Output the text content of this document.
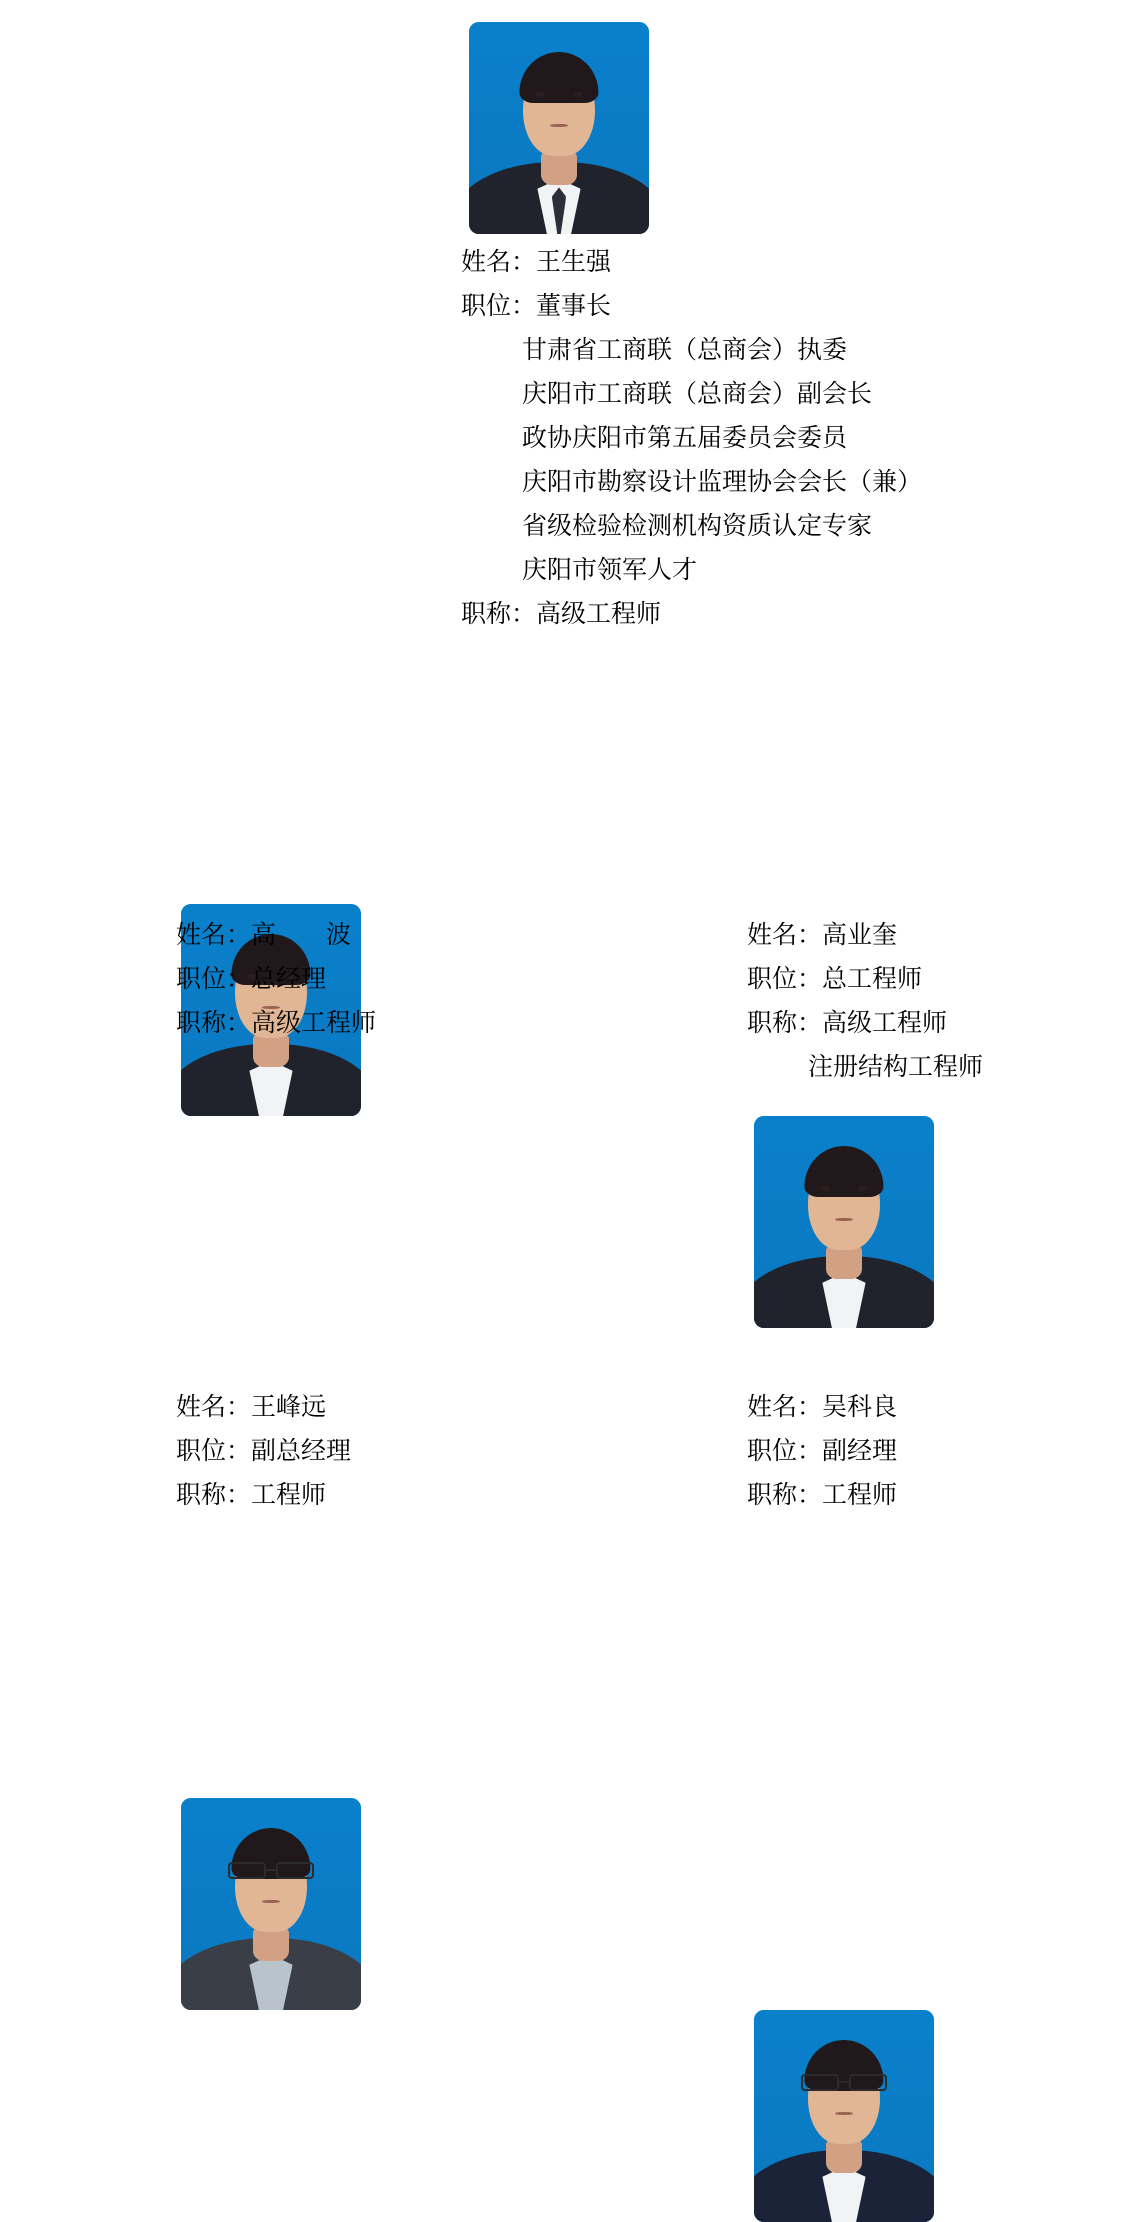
姓名：王生强
职位：董事长
甘肃省工商联（总商会）执委
庆阳市工商联（总商会）副会长
政协庆阳市第五届委员会委员
庆阳市勘察设计监理协会会长（兼）
省级检验检测机构资质认定专家
庆阳市领军人才
职称：高级工程师
姓名：高　　波
职位：总经理
职称：高级工程师
姓名：高业奎
职位：总工程师
职称：高级工程师
注册结构工程师
姓名：王峰远
职位：副总经理
职称：工程师
姓名：吴科良
职位：副经理
职称：工程师
